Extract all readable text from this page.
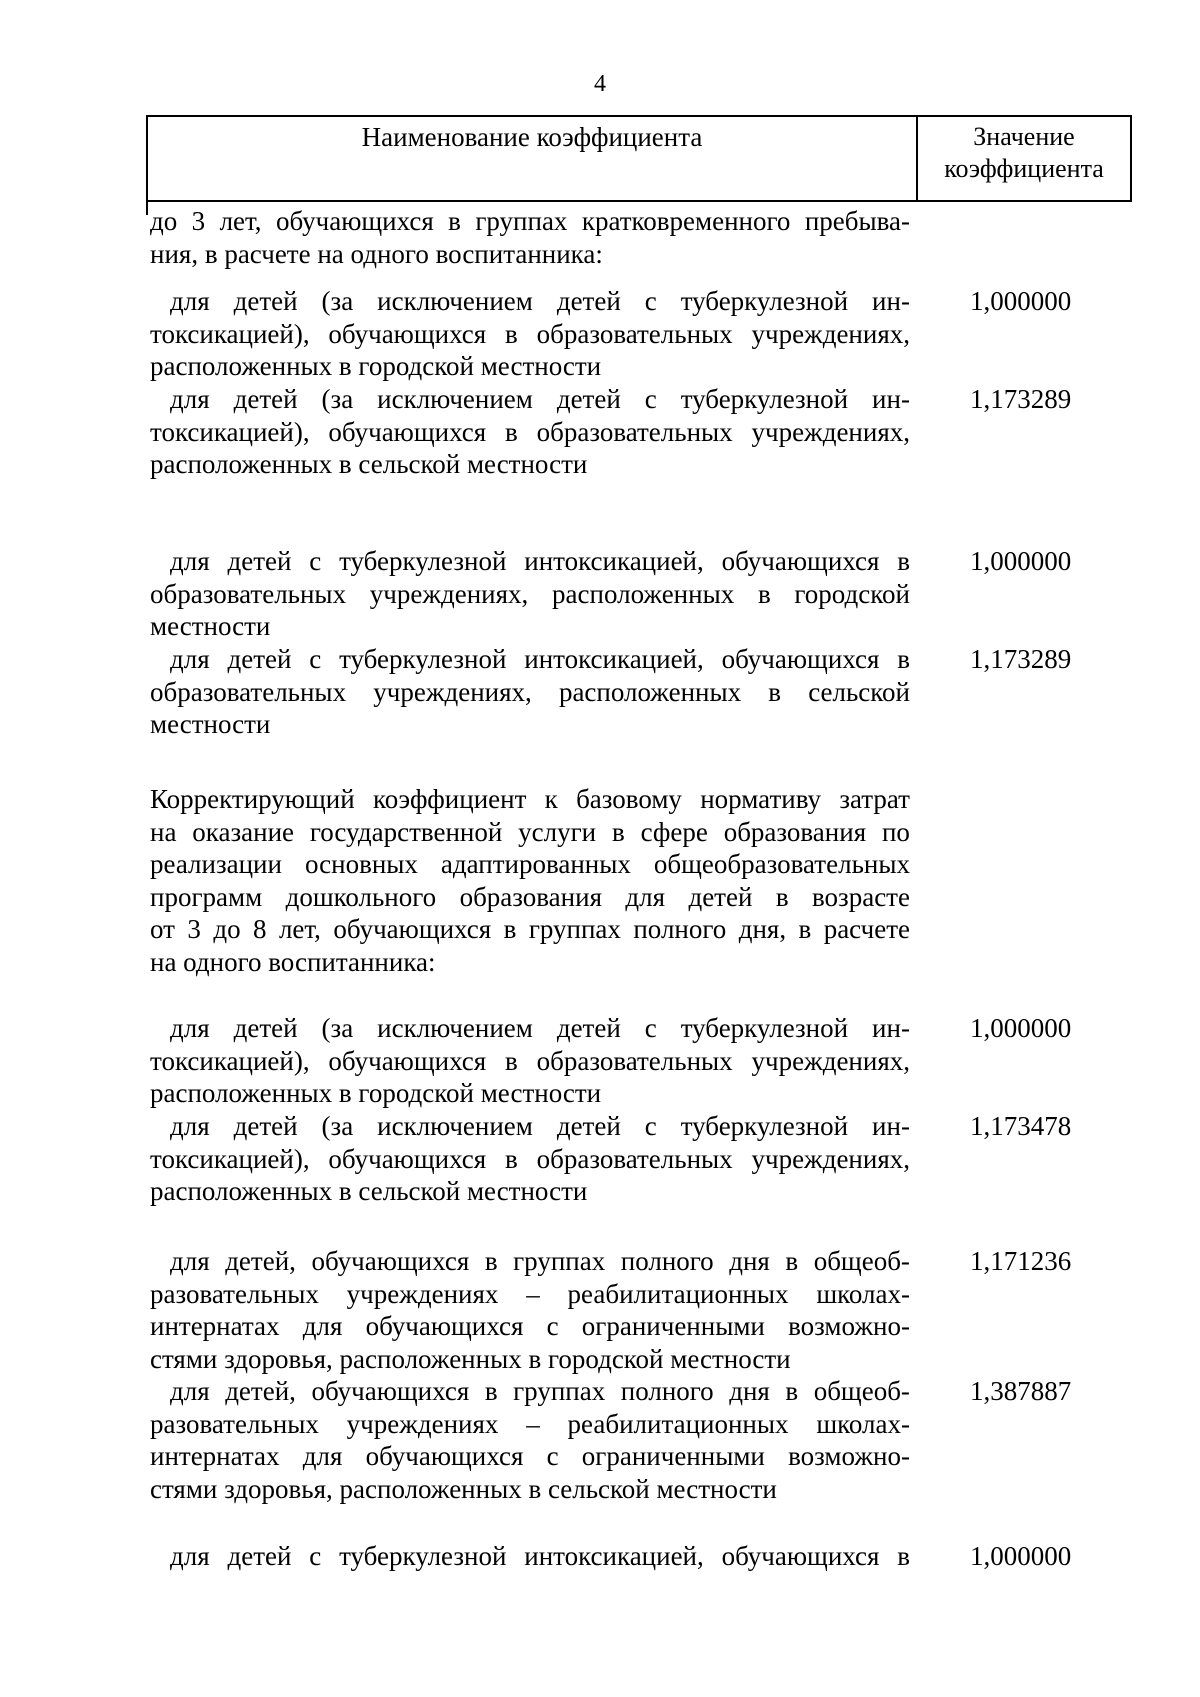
4
Наименование коэффициента	Значение
коэффициента
до 3 лет, обучающихся в группах кратковременного пребыва-
ния, в расчете на одного воспитанника:
для детей (за исключением детей с туберкулезной ин-
токсикацией), обучающихся в образовательных учреждениях,
расположенных в городской местности
1,000000
для детей (за исключением детей с туберкулезной ин-
токсикацией), обучающихся в образовательных учреждениях,
расположенных в сельской местности
1,173289
для детей с туберкулезной интоксикацией, обучающихся в
образовательных учреждениях, расположенных в городской
местности
1,000000
для детей с туберкулезной интоксикацией, обучающихся в
образовательных учреждениях, расположенных в сельской
местности
1,173289
Корректирующий коэффициент к базовому нормативу затрат
на оказание государственной услуги в сфере образования по
реализации основных адаптированных общеобразовательных
программ дошкольного образования для детей в возрасте
от 3 до 8 лет, обучающихся в группах полного дня, в расчете
на одного воспитанника:
для детей (за исключением детей с туберкулезной ин-
токсикацией), обучающихся в образовательных учреждениях,
расположенных в городской местности
1,000000
для детей (за исключением детей с туберкулезной ин-
токсикацией), обучающихся в образовательных учреждениях,
расположенных в сельской местности
1,173478
для детей, обучающихся в группах полного дня в общеоб-
разовательных учреждениях – реабилитационных школах-
интернатах для обучающихся с ограниченными возможно-
стями здоровья, расположенных в городской местности
1,171236
для детей, обучающихся в группах полного дня в общеоб-
разовательных учреждениях – реабилитационных школах-
интернатах для обучающихся с ограниченными возможно-
стями здоровья, расположенных в сельской местности
1,387887
для детей с туберкулезной интоксикацией, обучающихся в 1,000000
